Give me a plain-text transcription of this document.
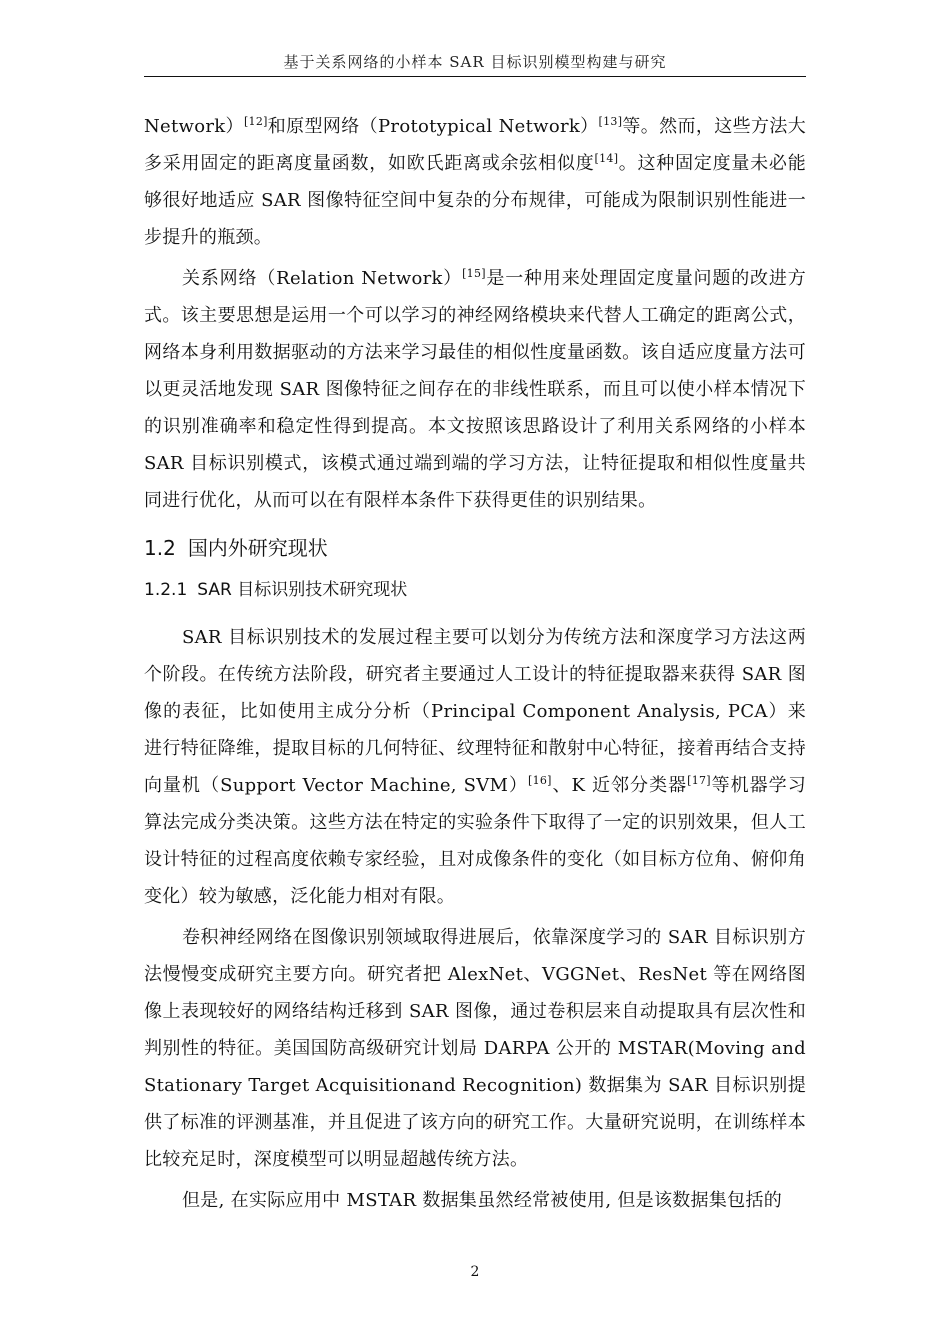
基于关系网络的小样本 SAR 目标识别模型构建与研究

Network）[12]和原型网络（Prototypical Network）[13]等。然而，这些方法大多采用固定的距离度量函数，如欧氏距离或余弦相似度[14]。这种固定度量未必能够很好地适应 SAR 图像特征空间中复杂的分布规律，可能成为限制识别性能进一步提升的瓶颈。

关系网络（Relation Network）[15]是一种用来处理固定度量问题的改进方式。该主要思想是运用一个可以学习的神经网络模块来代替人工确定的距离公式，网络本身利用数据驱动的方法来学习最佳的相似性度量函数。该自适应度量方法可以更灵活地发现 SAR 图像特征之间存在的非线性联系，而且可以使小样本情况下的识别准确率和稳定性得到提高。本文按照该思路设计了利用关系网络的小样本 SAR 目标识别模式，该模式通过端到端的学习方法，让特征提取和相似性度量共同进行优化，从而可以在有限样本条件下获得更佳的识别结果。

1.2 国内外研究现状
1.2.1 SAR 目标识别技术研究现状

SAR 目标识别技术的发展过程主要可以划分为传统方法和深度学习方法这两个阶段。在传统方法阶段，研究者主要通过人工设计的特征提取器来获得 SAR 图像的表征，比如使用主成分分析（Principal Component Analysis, PCA）来进行特征降维，提取目标的几何特征、纹理特征和散射中心特征，接着再结合支持向量机（Support Vector Machine, SVM）[16]、K 近邻分类器[17]等机器学习算法完成分类决策。这些方法在特定的实验条件下取得了一定的识别效果，但人工设计特征的过程高度依赖专家经验，且对成像条件的变化（如目标方位角、俯仰角变化）较为敏感，泛化能力相对有限。

卷积神经网络在图像识别领域取得进展后，依靠深度学习的 SAR 目标识别方法慢慢变成研究主要方向。研究者把 AlexNet、VGGNet、ResNet 等在网络图像上表现较好的网络结构迁移到 SAR 图像，通过卷积层来自动提取具有层次性和判别性的特征。美国国防高级研究计划局 DARPA 公开的 MSTAR(Moving and Stationary Target Acquisitionand Recognition) 数据集为 SAR 目标识别提供了标准的评测基准，并且促进了该方向的研究工作。大量研究说明，在训练样本比较充足时，深度模型可以明显超越传统方法。

但是, 在实际应用中 MSTAR 数据集虽然经常被使用, 但是该数据集包括的

2
